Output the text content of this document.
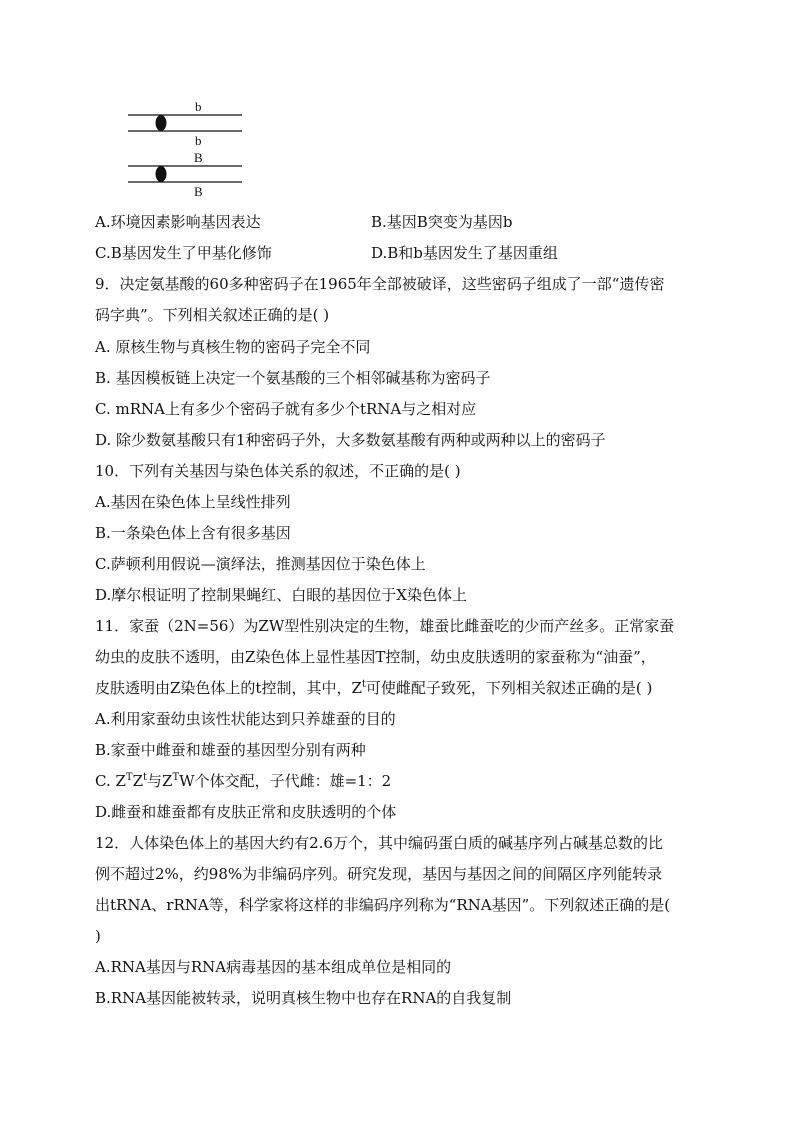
b
b
B
B
A.环境因素影响基因表达	B.基因B突变为基因b
C.B基因发生了甲基化修饰	D.B和b基因发生了基因重组
9．决定氨基酸的60多种密码子在1965年全部被破译，这些密码子组成了一部“遗传密
码字典”。下列相关叙述正确的是( )
A. 原核生物与真核生物的密码子完全不同
B. 基因模板链上决定一个氨基酸的三个相邻碱基称为密码子
C. mRNA上有多少个密码子就有多少个tRNA与之相对应
D. 除少数氨基酸只有1种密码子外，大多数氨基酸有两种或两种以上的密码子
10．下列有关基因与染色体关系的叙述，不正确的是( )
A.基因在染色体上呈线性排列
B.一条染色体上含有很多基因
C.萨顿利用假说—演绎法，推测基因位于染色体上
D.摩尔根证明了控制果蝇红、白眼的基因位于X染色体上
11．家蚕（2N=56）为ZW型性别决定的生物，雄蚕比雌蚕吃的少而产丝多。正常家蚕
幼虫的皮肤不透明，由Z染色体上显性基因T控制，幼虫皮肤透明的家蚕称为“油蚕”，
皮肤透明由Z染色体上的t控制，其中，$Z^t$可使雌配子致死，下列相关叙述正确的是( )
A.利用家蚕幼虫该性状能达到只养雄蚕的目的
B.家蚕中雌蚕和雄蚕的基因型分别有两种
C. $Z^TZ^t$与$Z^TW$个体交配，子代雌：雄=1：2
D.雌蚕和雄蚕都有皮肤正常和皮肤透明的个体
12．人体染色体上的基因大约有2.6万个，其中编码蛋白质的碱基序列占碱基总数的比
例不超过2%，约98%为非编码序列。研究发现，基因与基因之间的间隔区序列能转录
出tRNA、rRNA等，科学家将这样的非编码序列称为“RNA基因”。下列叙述正确的是(
)
A.RNA基因与RNA病毒基因的基本组成单位是相同的
B.RNA基因能被转录，说明真核生物中也存在RNA的自我复制
